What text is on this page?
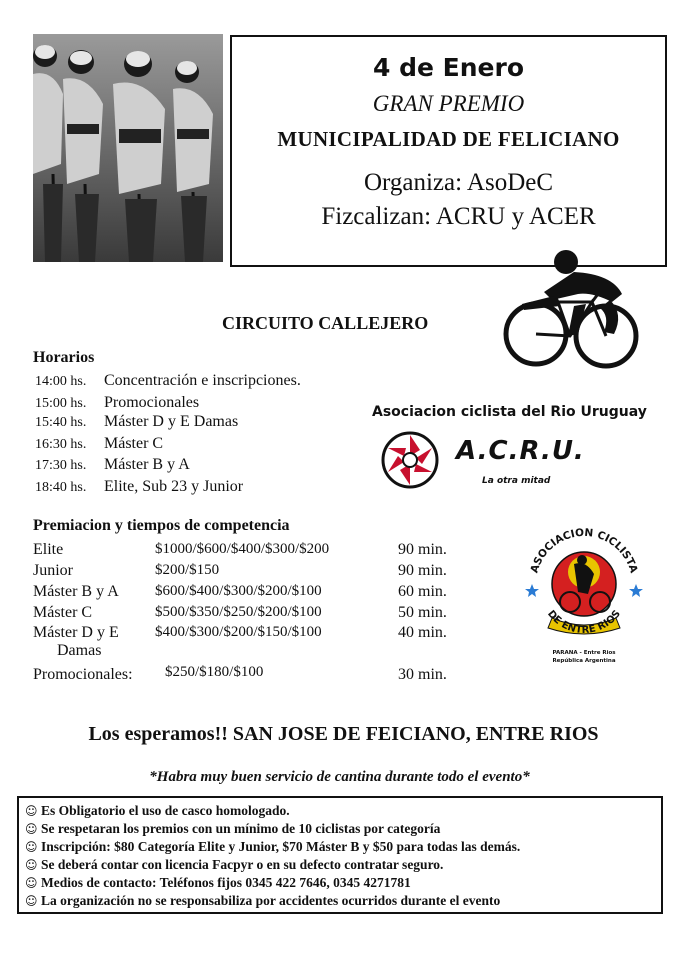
4 de Enero
GRAN PREMIO
MUNICIPALIDAD DE FELICIANO
Organiza: AsoDeC
Fizcalizan: ACRU y ACER
CIRCUITO CALLEJERO
Horarios
14:00 hs.	Concentración e inscripciones.
15:00 hs.	Promocionales
15:40 hs.	Máster D y E Damas
16:30 hs.	Máster C
17:30 hs.	Máster B y A
18:40 hs.	Elite, Sub 23 y Junior
Asociacion ciclista del Rio Uruguay
A.C.R.U.
La otra mitad
Premiacion y tiempos de competencia
Elite	$1000/$600/$400/$300/$200	90 min.
Junior	$200/$150	90 min.
Máster B y A $600/$400/$300/$200/$100	60 min.
Máster C	$500/$350/$250/$200/$100	50 min.
Máster D y E
Damas
$400/$300/$200/$150/$100	40 min.
Promocionales: $250/$180/$100	30 min.
ASOCIACION CICLISTA
DE ENTRE RIOS
PARANA - Entre Rios
República Argentina
Los esperamos!! SAN JOSE DE FEICIANO, ENTRE RIOS
*Habra muy buen servicio de cantina durante todo el evento*
☺ Es Obligatorio el uso de casco homologado.
☺ Se respetaran los premios con un mínimo de 10 ciclistas por categoría
☺ Inscripción: $80 Categoría Elite y Junior, $70 Máster B y $50 para todas las demás.
☺ Se deberá contar con licencia Facpyr o en su defecto contratar seguro.
☺ Medios de contacto: Teléfonos fijos 0345 422 7646, 0345 4271781
☺ La organización no se responsabiliza por accidentes ocurridos durante el evento
